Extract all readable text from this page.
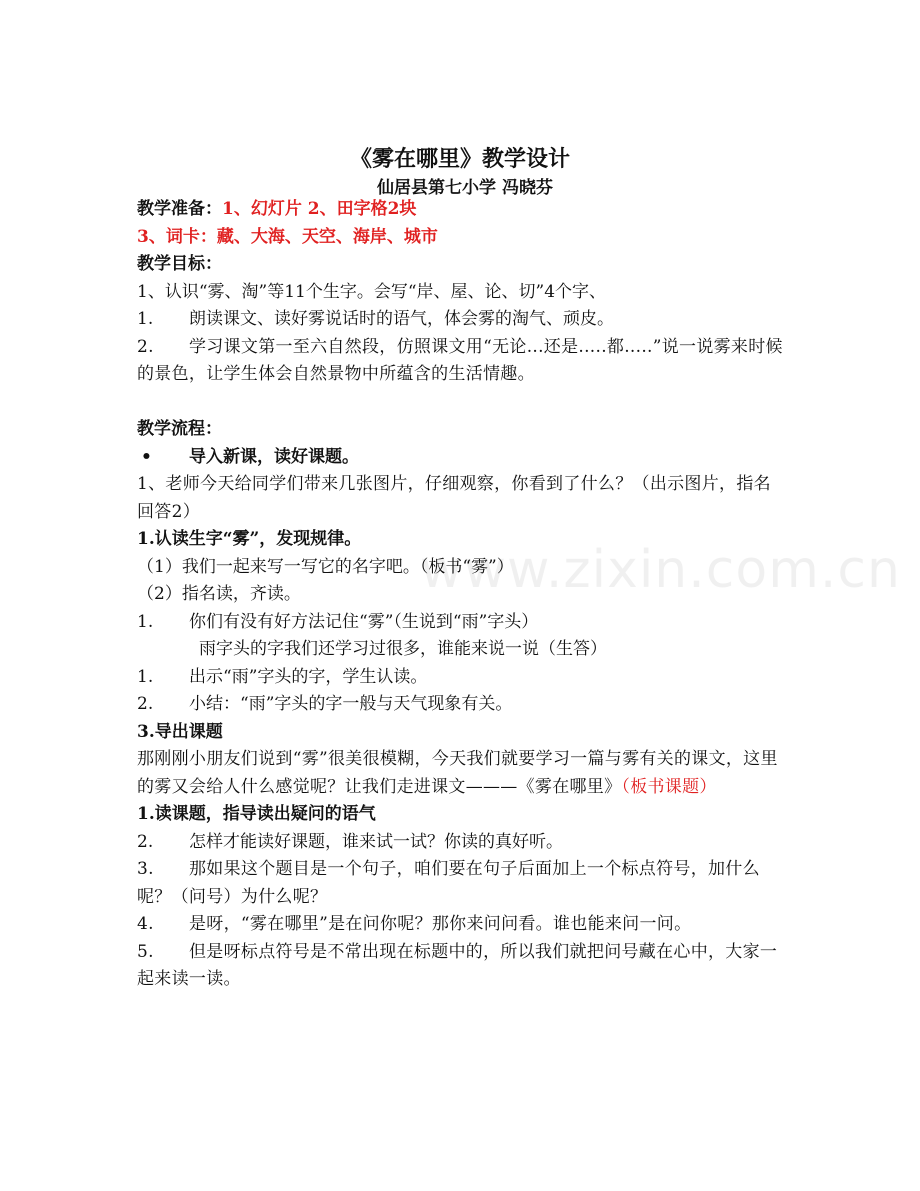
《雾在哪里》教学设计
仙居县第七小学 冯晓芬
教学准备：1、幻灯片 2、田字格2块
3、词卡：藏、大海、天空、海岸、城市
教学目标：
1、认识“雾、淘”等11个生字。会写“岸、屋、论、切”4个字、
1. 朗读课文、读好雾说话时的语气，体会雾的淘气、顽皮。
2. 学习课文第一至六自然段，仿照课文用“无论...还是.....都.....”说一说雾来时候的景色，让学生体会自然景物中所蕴含的生活情趣。
教学流程：
• 导入新课，读好课题。
1、老师今天给同学们带来几张图片，仔细观察，你看到了什么？（出示图片，指名回答2）
1.认读生字“雾”，发现规律。
（1）我们一起来写一写它的名字吧。（板书“雾”）
（2）指名读，齐读。
1. 你们有没有好方法记住“雾”（生说到“雨”字头）
雨字头的字我们还学习过很多，谁能来说一说（生答）
1. 出示“雨”字头的字，学生认读。
2. 小结：“雨”字头的字一般与天气现象有关。
3.导出课题
那刚刚小朋友们说到“雾”很美很模糊，今天我们就要学习一篇与雾有关的课文，这里的雾又会给人什么感觉呢？让我们走进课文———《雾在哪里》（板书课题）
1.读课题，指导读出疑问的语气
2. 怎样才能读好课题，谁来试一试？你读的真好听。
3. 那如果这个题目是一个句子，咱们要在句子后面加上一个标点符号，加什么呢？（问号）为什么呢？
4. 是呀，“雾在哪里”是在问你呢？那你来问问看。谁也能来问一问。
5. 但是呀标点符号是不常出现在标题中的，所以我们就把问号藏在心中，大家一起来读一读。
www.zixin.com.cn
